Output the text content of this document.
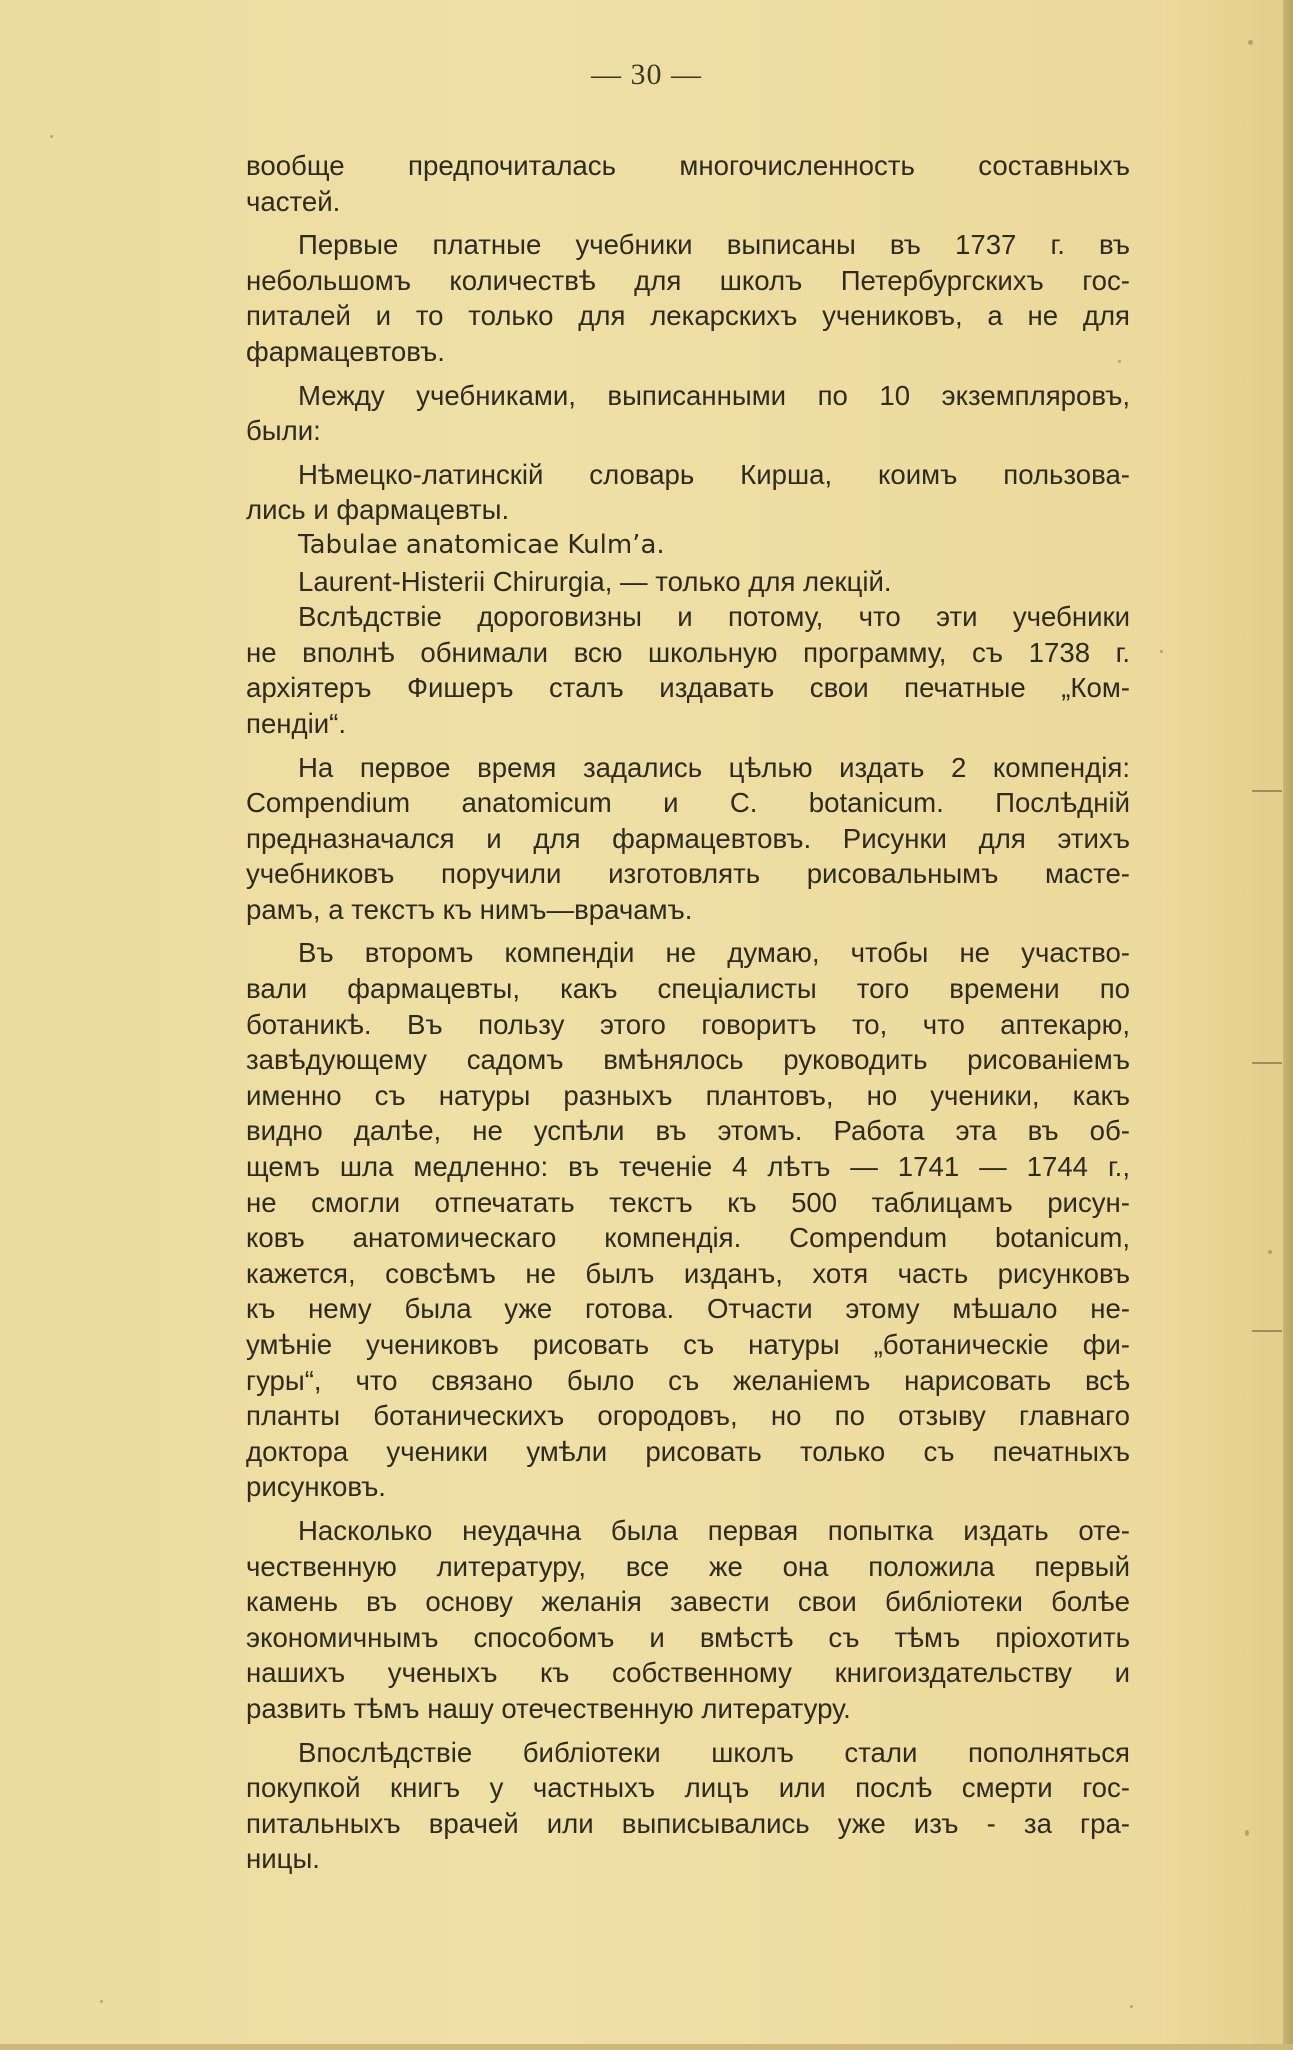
— 30 —
вообще предпочиталась многочисленность составныхъ
частей.
Первые платные учебники выписаны въ 1737 г. въ
небольшомъ количествѣ для школъ Петербургскихъ гос-
питалей и то только для лекарскихъ учениковъ, а не для
фармацевтовъ.
Между учебниками, выписанными по 10 экземпляровъ,
были:
Нѣмецко-латинскій словарь Кирша, коимъ пользова-
лись и фармацевты.
Tabulae anatomicae Kulm’a.
Laurent-Histerii Chirurgia, — только для лекцій.
Вслѣдствіе дороговизны и потому, что эти учебники
не вполнѣ обнимали всю школьную программу, съ 1738 г.
архіятеръ Фишеръ сталъ издавать свои печатные „Ком-
пендіи“.
На первое время задались цѣлью издать 2 компендія:
Compendium anatomicum и C. botanicum. Послѣдній
предназначался и для фармацевтовъ. Рисунки для этихъ
учебниковъ поручили изготовлять рисовальнымъ масте-
рамъ, а текстъ къ нимъ—врачамъ.
Въ второмъ компендіи не думаю, чтобы не участво-
вали фармацевты, какъ спеціалисты того времени по
ботаникѣ. Въ пользу этого говоритъ то, что аптекарю,
завѣдующему садомъ вмѣнялось руководить рисованіемъ
именно съ натуры разныхъ плантовъ, но ученики, какъ
видно далѣе, не успѣли въ этомъ. Работа эта въ об-
щемъ шла медленно: въ теченіе 4 лѣтъ — 1741 — 1744 г.,
не смогли отпечатать текстъ къ 500 таблицамъ рисун-
ковъ анатомическаго компендія. Compendum botanicum,
кажется, совсѣмъ не былъ изданъ, хотя часть рисунковъ
къ нему была уже готова. Отчасти этому мѣшало не-
умѣніе учениковъ рисовать съ натуры „ботаническіе фи-
гуры“, что связано было съ желаніемъ нарисовать всѣ
планты ботаническихъ огородовъ, но по отзыву главнаго
доктора ученики умѣли рисовать только съ печатныхъ
рисунковъ.
Насколько неудачна была первая попытка издать оте-
чественную литературу, все же она положила первый
камень въ основу желанія завести свои библіотеки болѣе
экономичнымъ способомъ и вмѣстѣ съ тѣмъ пріохотить
нашихъ ученыхъ къ собственному книгоиздательству и
развить тѣмъ нашу отечественную литературу.
Впослѣдствіе библіотеки школъ стали пополняться
покупкой книгъ у частныхъ лицъ или послѣ смерти гос-
питальныхъ врачей или выписывались уже изъ - за гра-
ницы.
